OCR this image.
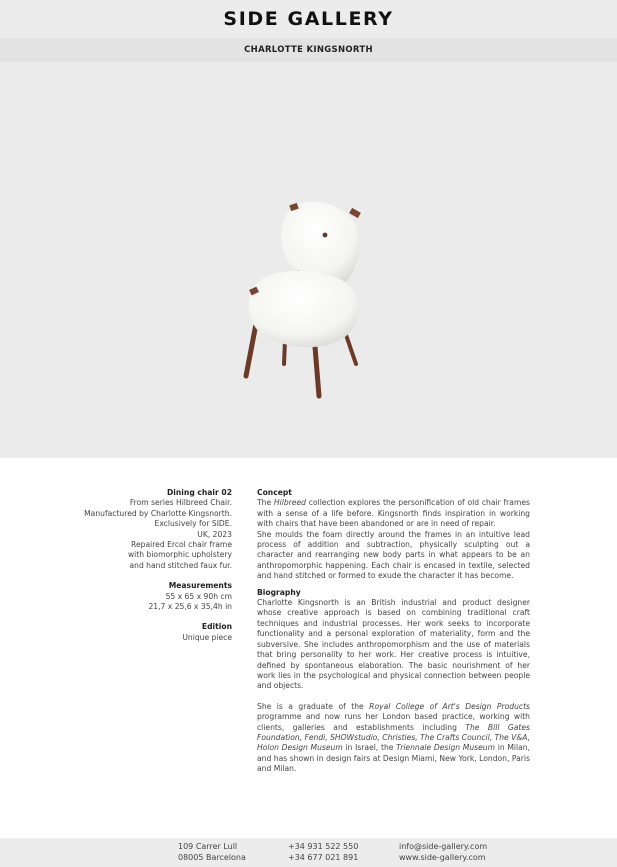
SIDE GALLERY
CHARLOTTE KINGSNORTH
Dining chair 02
From series Hilbreed Chair.
Manufactured by Charlotte Kingsnorth.
Exclusively for SIDE.
UK, 2023
Repaired Ercol chair frame
with biomorphic upholstery
and hand stitched faux fur.
Measurements
55 x 65 x 90h cm
21,7 x 25,6 x 35,4h in
Edition
Unique piece
Concept

The Hilbreed collection explores the personification of old chair frames with a sense of a life before. Kingsnorth finds inspiration in working with chairs that have been abandoned or are in need of repair.

She moulds the foam directly around the frames in an intuitive lead process of addition and subtraction, physically sculpting out a character and rearranging new body parts in what appears to be an anthropomorphic happening. Each chair is encased in textile, selected and hand stitched or formed to exude the character it has become.

Biography

Charlotte Kingsnorth is an British industrial and product designer whose creative approach is based on combining traditional craft techniques and industrial processes. Her work seeks to incorporate functionality and a personal exploration of materiality, form and the subversive. She includes anthropomorphism and the use of materials that bring personality to her work. Her creative process is intuitive, defined by spontaneous elaboration. The basic nourishment of her work lies in the psychological and physical connection between people and objects.

She is a graduate of the Royal College of Art's Design Products programme and now runs her London based practice, working with clients, galleries and establishments including The Bill Gates Foundation, Fendi, SHOWstudio, Christies, The Crafts Council, The V&A, Holon Design Museum in Israel, the Triennale Design Museum in Milan, and has shown in design fairs at Design Miami, New York, London, Paris and Milan.

109 Carrer Lull
08005 Barcelona
+34 931 522 550
+34 677 021 891
info@side-gallery.com
www.side-gallery.com
